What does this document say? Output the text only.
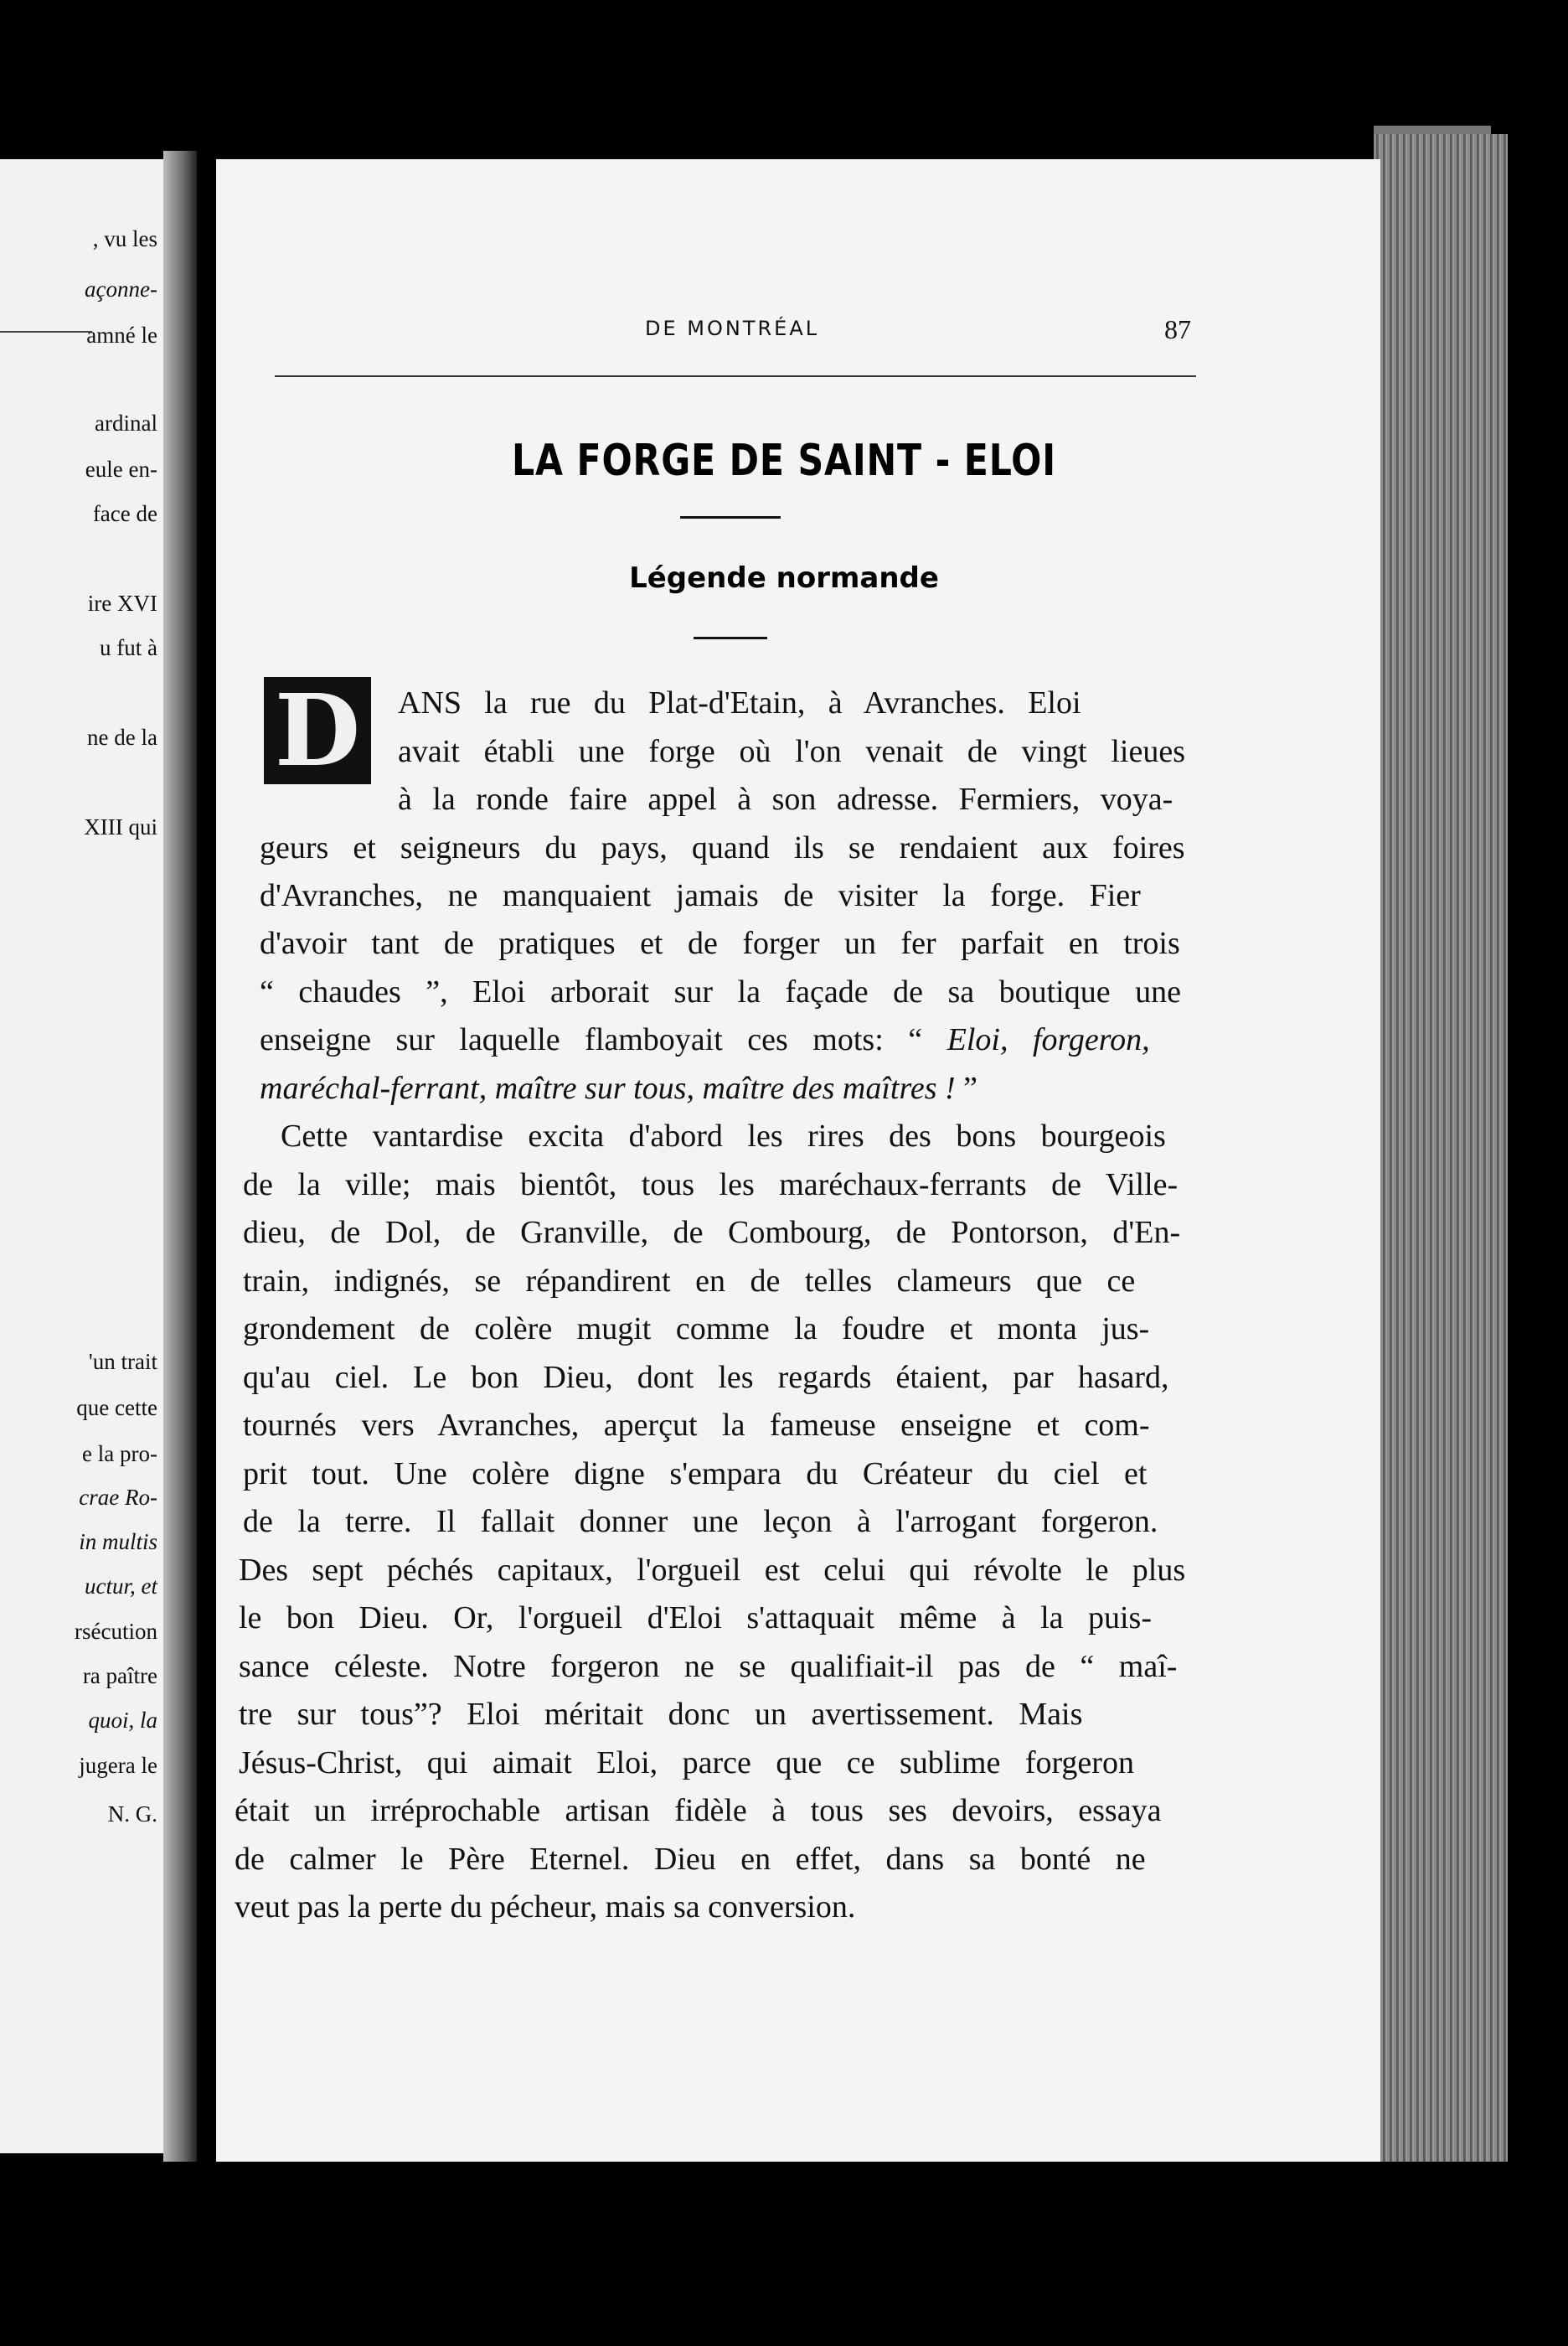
, vu les
açonne-
amné le
ardinal
eule en-
face de
ire XVI
u fut à
ne de la
XIII qui
'un trait
que cette
e la pro-
crae Ro-
in multis
uctur, et
rsécution
ra paître
quoi, la
jugera le
N. G.
DE MONTRÉAL	87
LA FORGE DE SAINT - ELOI
Légende normande
D	ANS la rue du Plat-d'Etain, à Avranches. Eloi
avait établi une forge où l'on venait de vingt lieues
à la ronde faire appel à son adresse. Fermiers, voya-
geurs et seigneurs du pays, quand ils se rendaient aux foires
d'Avranches, ne manquaient jamais de visiter la forge. Fier
d'avoir tant de pratiques et de forger un fer parfait en trois
“ chaudes ”, Eloi arborait sur la façade de sa boutique une
enseigne sur laquelle flamboyait ces mots: “ Eloi, forgeron,
maréchal-ferrant, maître sur tous, maître des maîtres ! ”
Cette vantardise excita d'abord les rires des bons bourgeois
de la ville; mais bientôt, tous les maréchaux-ferrants de Ville-
dieu, de Dol, de Granville, de Combourg, de Pontorson, d'En-
train, indignés, se répandirent en de telles clameurs que ce
grondement de colère mugit comme la foudre et monta jus-
qu'au ciel. Le bon Dieu, dont les regards étaient, par hasard,
tournés vers Avranches, aperçut la fameuse enseigne et com-
prit tout. Une colère digne s'empara du Créateur du ciel et
de la terre. Il fallait donner une leçon à l'arrogant forgeron.
Des sept péchés capitaux, l'orgueil est celui qui révolte le plus
le bon Dieu. Or, l'orgueil d'Eloi s'attaquait même à la puis-
sance céleste. Notre forgeron ne se qualifiait-il pas de “ maî-
tre sur tous”? Eloi méritait donc un avertissement. Mais
Jésus-Christ, qui aimait Eloi, parce que ce sublime forgeron
était un irréprochable artisan fidèle à tous ses devoirs, essaya
de calmer le Père Eternel. Dieu en effet, dans sa bonté ne
veut pas la perte du pécheur, mais sa conversion.
